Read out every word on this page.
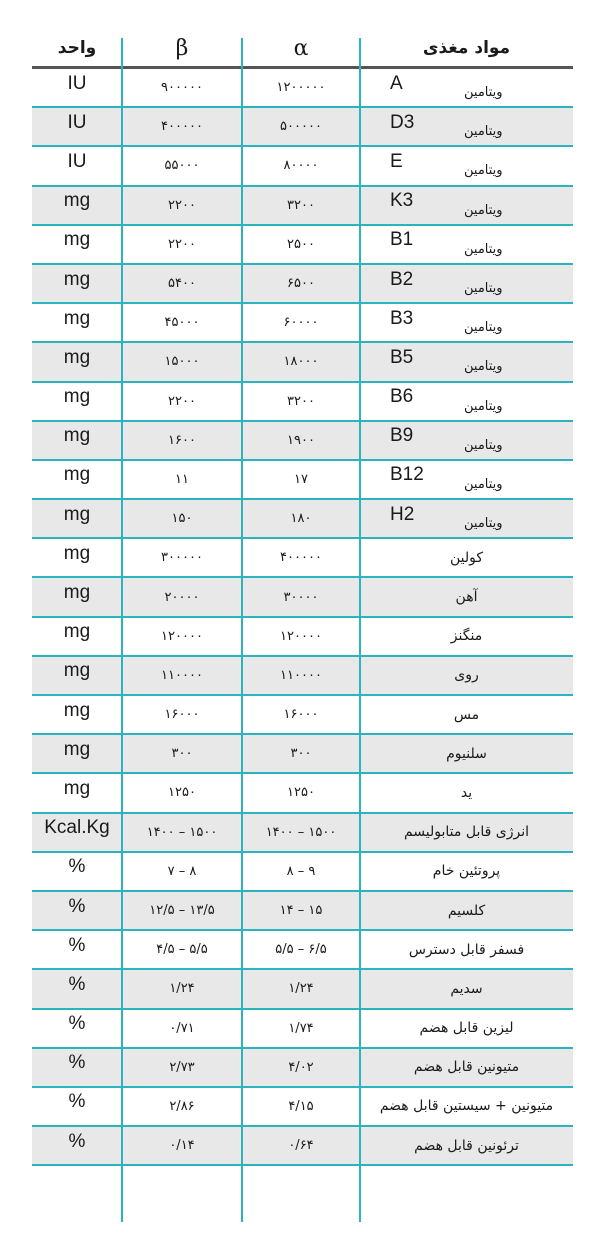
واحد	β	α	مواد مغذی
IU	۹۰۰۰۰۰	۱۲۰۰۰۰۰	A	ویتامین
IU	۴۰۰۰۰۰	۵۰۰۰۰۰	D3	ویتامین
IU	۵۵۰۰۰	۸۰۰۰۰	E	ویتامین
mg	۲۲۰۰	۳۲۰۰	K3	ویتامین
mg	۲۲۰۰	۲۵۰۰	B1	ویتامین
mg	۵۴۰۰	۶۵۰۰	B2	ویتامین
mg	۴۵۰۰۰	۶۰۰۰۰	B3	ویتامین
mg	۱۵۰۰۰	۱۸۰۰۰	B5	ویتامین
mg	۲۲۰۰	۳۲۰۰	B6	ویتامین
mg	۱۶۰۰	۱۹۰۰	B9	ویتامین
mg	۱۱	۱۷	B12	ویتامین
mg	۱۵۰	۱۸۰	H2	ویتامین
mg	۳۰۰۰۰۰	۴۰۰۰۰۰	کولین
mg	۲۰۰۰۰	۳۰۰۰۰	آهن
mg	۱۲۰۰۰۰	۱۲۰۰۰۰	منگنز
mg	۱۱۰۰۰۰	۱۱۰۰۰۰	روی
mg	۱۶۰۰۰	۱۶۰۰۰	مس
mg	۳۰۰	۳۰۰	سلنیوم
mg	۱۲۵۰	۱۲۵۰	ید
Kcal.Kg	۱۴۰۰ – ۱۵۰۰	۱۴۰۰ – ۱۵۰۰	انرژی قابل متابولیسم
%	۷ – ۸	۸ – ۹	پروتئین خام
%	۱۲/۵ – ۱۳/۵	۱۴ – ۱۵	کلسیم
%	۴/۵ – ۵/۵	۵/۵ – ۶/۵	فسفر قابل دسترس
%	۱/۲۴	۱/۲۴	سدیم
%	۰/۷۱	۱/۷۴	لیزین قابل هضم
%	۲/۷۳	۴/۰۲	متیونین قابل هضم
%	۲/۸۶	۴/۱۵	متیونین + سیستین قابل هضم
%	۰/۱۴	۰/۶۴	ترئونین قابل هضم
